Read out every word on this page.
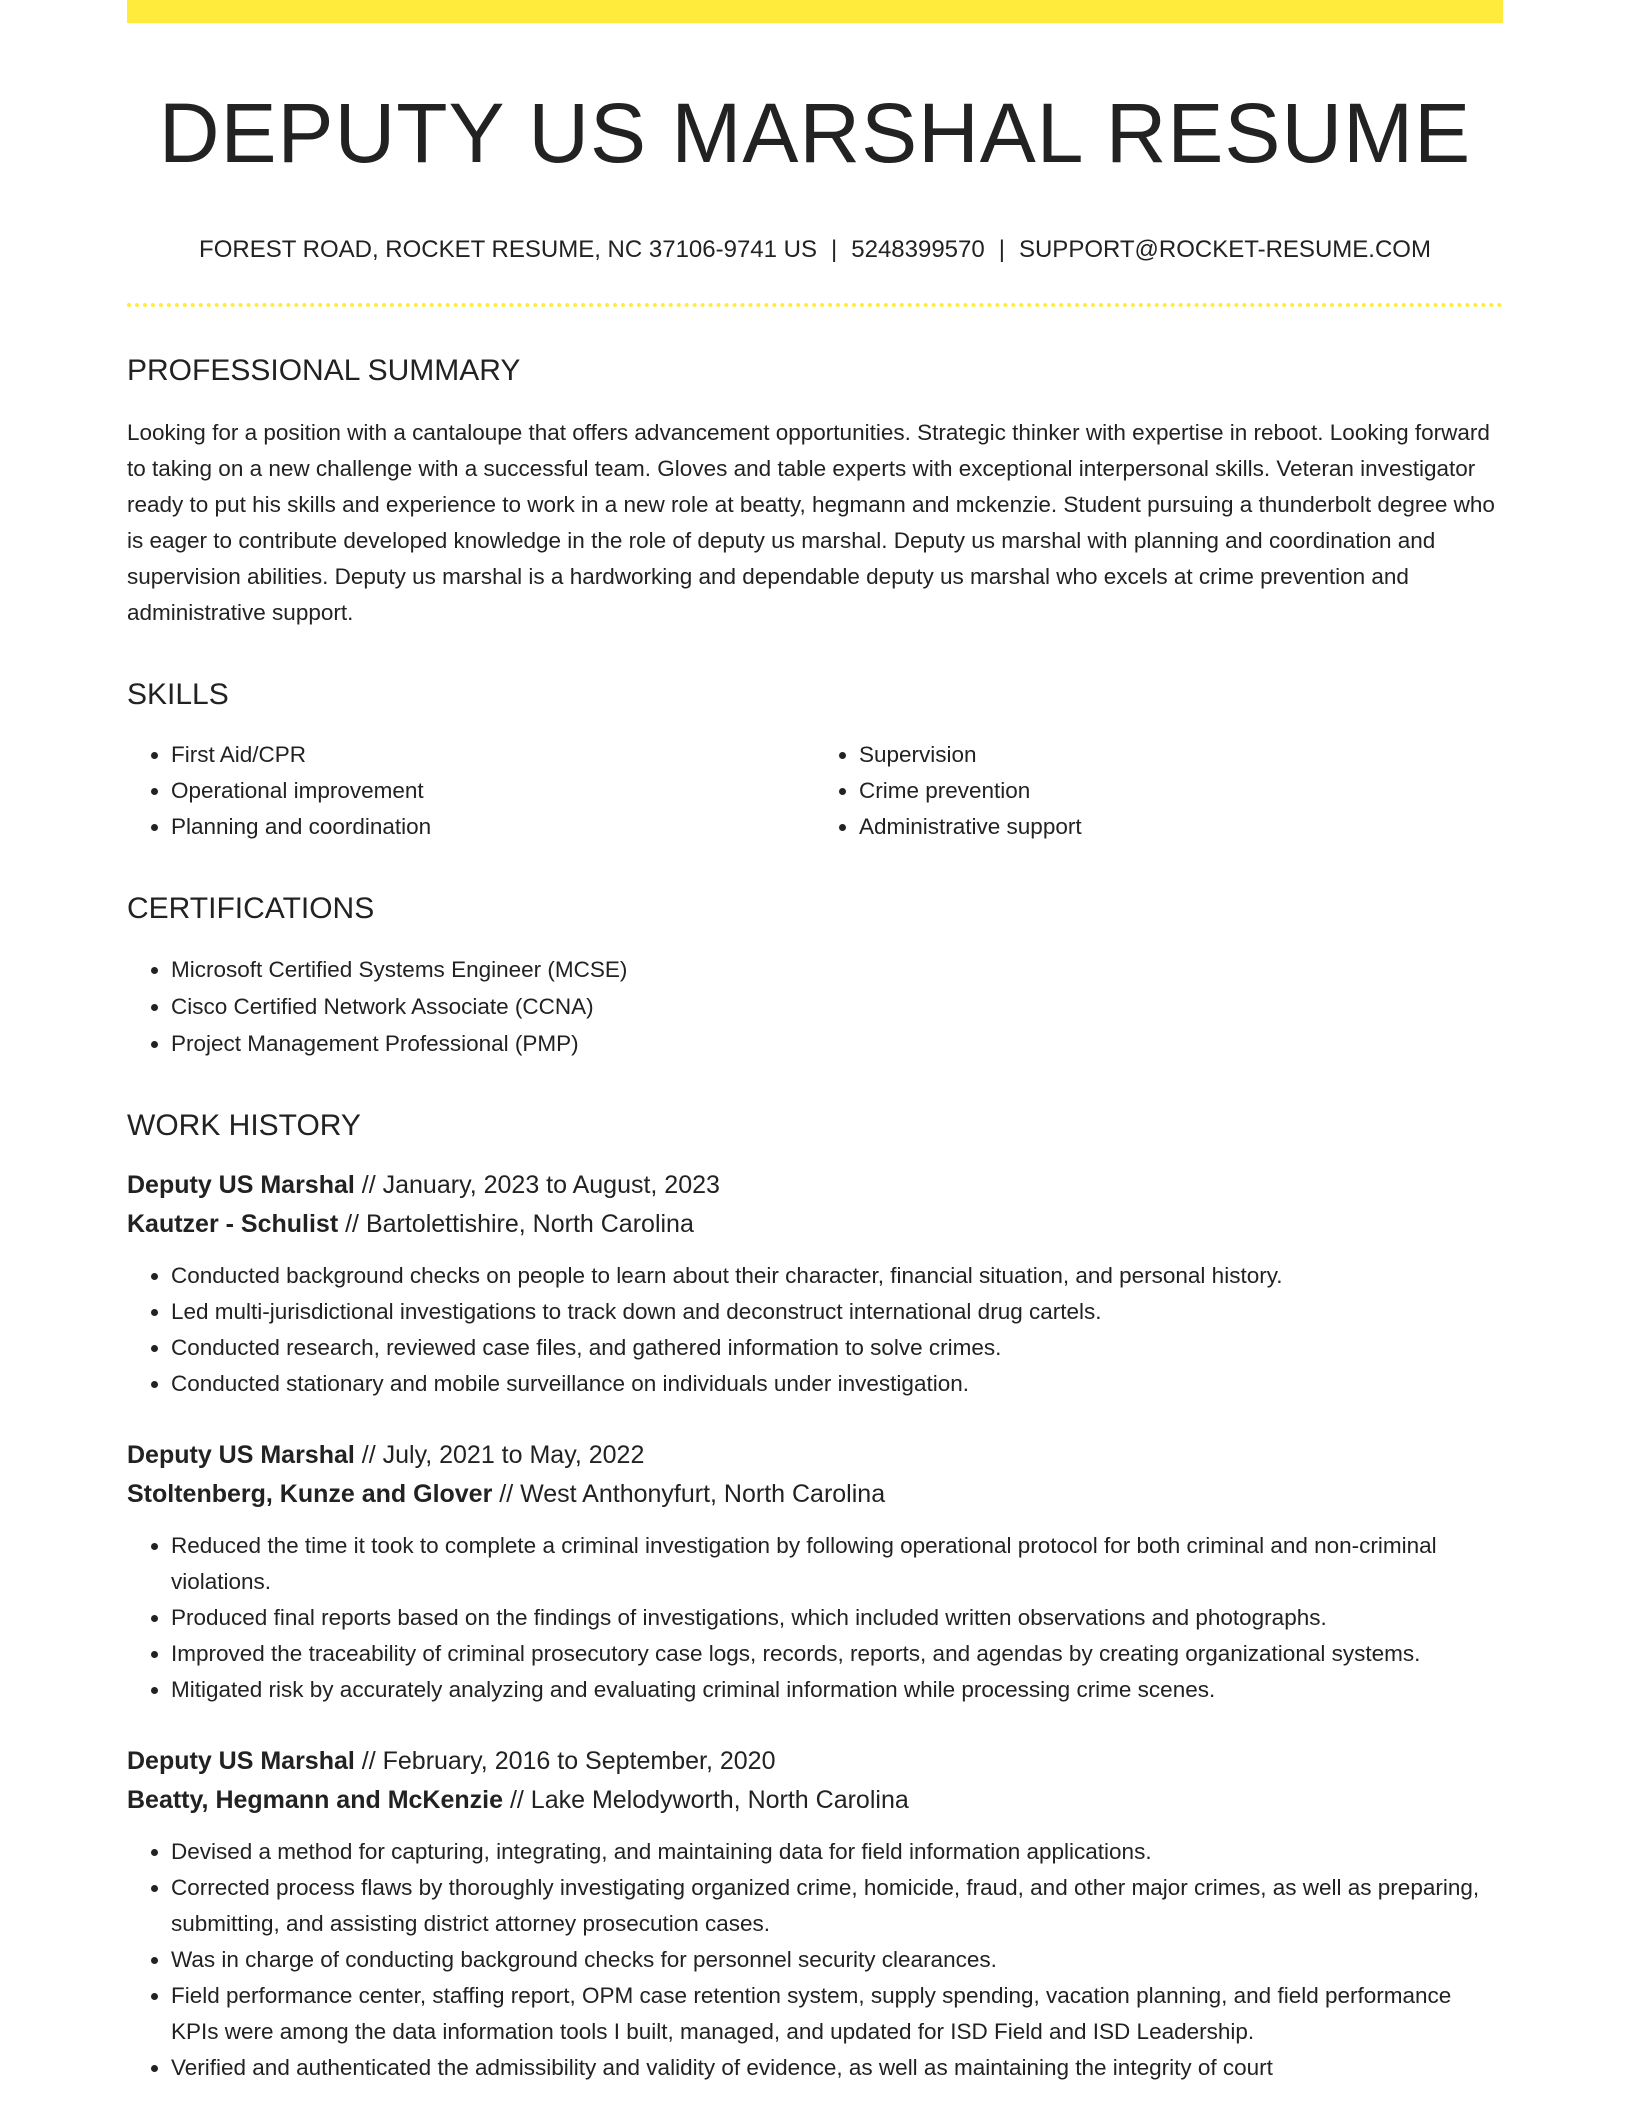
DEPUTY US MARSHAL RESUME
FOREST ROAD, ROCKET RESUME, NC 37106-9741 US | 5248399570 | SUPPORT@ROCKET-RESUME.COM
PROFESSIONAL SUMMARY

Looking for a position with a cantaloupe that offers advancement opportunities. Strategic thinker with expertise in reboot. Looking forward to taking on a new challenge with a successful team. Gloves and table experts with exceptional interpersonal skills. Veteran investigator ready to put his skills and experience to work in a new role at beatty, hegmann and mckenzie. Student pursuing a thunderbolt degree who is eager to contribute developed knowledge in the role of deputy us marshal. Deputy us marshal with planning and coordination and supervision abilities. Deputy us marshal is a hardworking and dependable deputy us marshal who excels at crime prevention and administrative support.

SKILLS
• First Aid/CPR
• Operational improvement
• Planning and coordination
• Supervision
• Crime prevention
• Administrative support
CERTIFICATIONS
• Microsoft Certified Systems Engineer (MCSE)
• Cisco Certified Network Associate (CCNA)
• Project Management Professional (PMP)
WORK HISTORY
Deputy US Marshal // January, 2023 to August, 2023
Kautzer - Schulist // Bartolettishire, North Carolina
• Conducted background checks on people to learn about their character, financial situation, and personal history.
• Led multi-jurisdictional investigations to track down and deconstruct international drug cartels.
• Conducted research, reviewed case files, and gathered information to solve crimes.
• Conducted stationary and mobile surveillance on individuals under investigation.
Deputy US Marshal // July, 2021 to May, 2022
Stoltenberg, Kunze and Glover // West Anthonyfurt, North Carolina
• Reduced the time it took to complete a criminal investigation by following operational protocol for both criminal and non-criminal violations.
• Produced final reports based on the findings of investigations, which included written observations and photographs.
• Improved the traceability of criminal prosecutory case logs, records, reports, and agendas by creating organizational systems.
• Mitigated risk by accurately analyzing and evaluating criminal information while processing crime scenes.
Deputy US Marshal // February, 2016 to September, 2020
Beatty, Hegmann and McKenzie // Lake Melodyworth, North Carolina
• Devised a method for capturing, integrating, and maintaining data for field information applications.
• Corrected process flaws by thoroughly investigating organized crime, homicide, fraud, and other major crimes, as well as preparing, submitting, and assisting district attorney prosecution cases.
• Was in charge of conducting background checks for personnel security clearances.
• Field performance center, staffing report, OPM case retention system, supply spending, vacation planning, and field performance KPIs were among the data information tools I built, managed, and updated for ISD Field and ISD Leadership.
• Verified and authenticated the admissibility and validity of evidence, as well as maintaining the integrity of court
